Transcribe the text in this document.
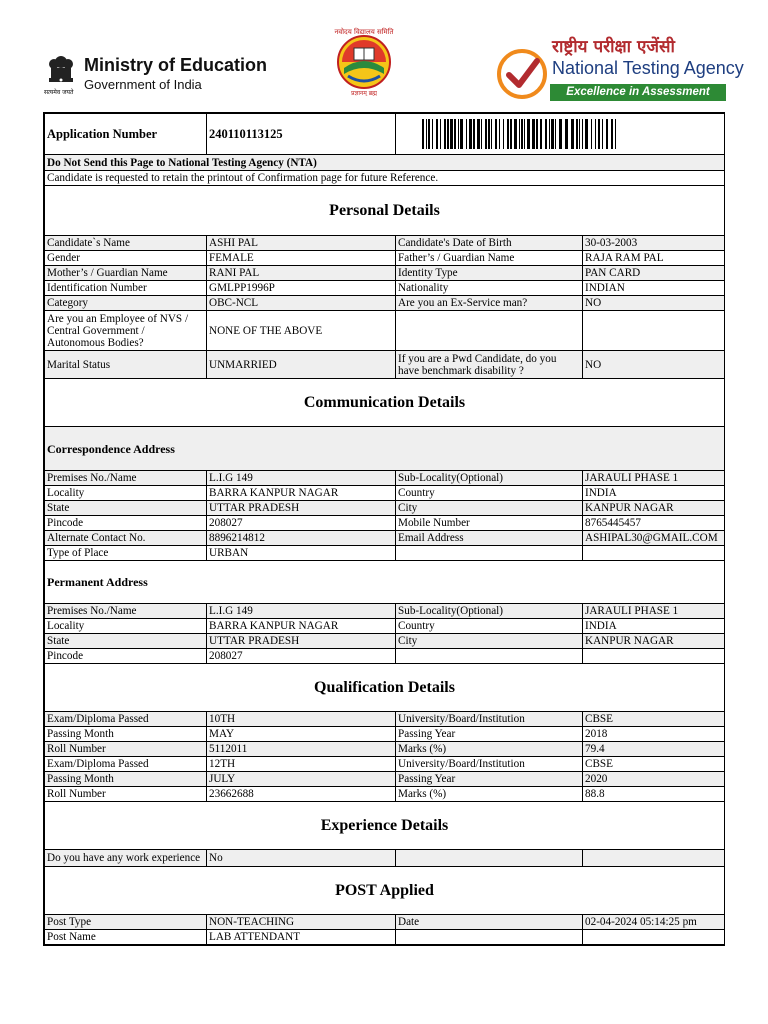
Ministry of Education
Government of India
सत्यमेव जयते
नवोदय विद्यालय समिति
प्रज्ञानम् ब्रह्म
राष्ट्रीय परीक्षा एजेंसी
National Testing Agency
Excellence in Assessment
Application Number	240110113125	

Do Not Send this Page to National Testing Agency (NTA)			
Candidate is requested to retain the printout of Confirmation page for future Reference.			
Personal Details			
Candidate`s Name	ASHI PAL	Candidate's Date of Birth	30-03-2003
Gender	FEMALE	Father’s / Guardian Name	RAJA RAM PAL
Mother’s / Guardian Name	RANI PAL	Identity Type	PAN CARD
Identification Number	GMLPP1996P	Nationality	INDIAN
Category	OBC-NCL	Are you an Ex-Service man?	NO
Are you an Employee of NVS / Central Government / Autonomous Bodies?	NONE OF THE ABOVE		
Marital Status	UNMARRIED	If you are a Pwd Candidate, do you have benchmark disability ?	NO
Communication Details			
Correspondence Address			
Premises No./Name	L.I.G 149	Sub-Locality(Optional)	JARAULI PHASE 1
Locality	BARRA KANPUR NAGAR	Country	INDIA
State	UTTAR PRADESH	City	KANPUR NAGAR
Pincode	208027	Mobile Number	8765445457
Alternate Contact No.	8896214812	Email Address	ASHIPAL30@GMAIL.COM
Type of Place	URBAN		
Permanent Address			
Premises No./Name	L.I.G 149	Sub-Locality(Optional)	JARAULI PHASE 1
Locality	BARRA KANPUR NAGAR	Country	INDIA
State	UTTAR PRADESH	City	KANPUR NAGAR
Pincode	208027		
Qualification Details			
Exam/Diploma Passed	10TH	University/Board/Institution	CBSE
Passing Month	MAY	Passing Year	2018
Roll Number	5112011	Marks (%)	79.4
Exam/Diploma Passed	12TH	University/Board/Institution	CBSE
Passing Month	JULY	Passing Year	2020
Roll Number	23662688	Marks (%)	88.8
Experience Details			
Do you have any work experience	No		
POST Applied			
Post Type	NON-TEACHING	Date	02-04-2024 05:14:25 pm
Post Name	LAB ATTENDANT		
